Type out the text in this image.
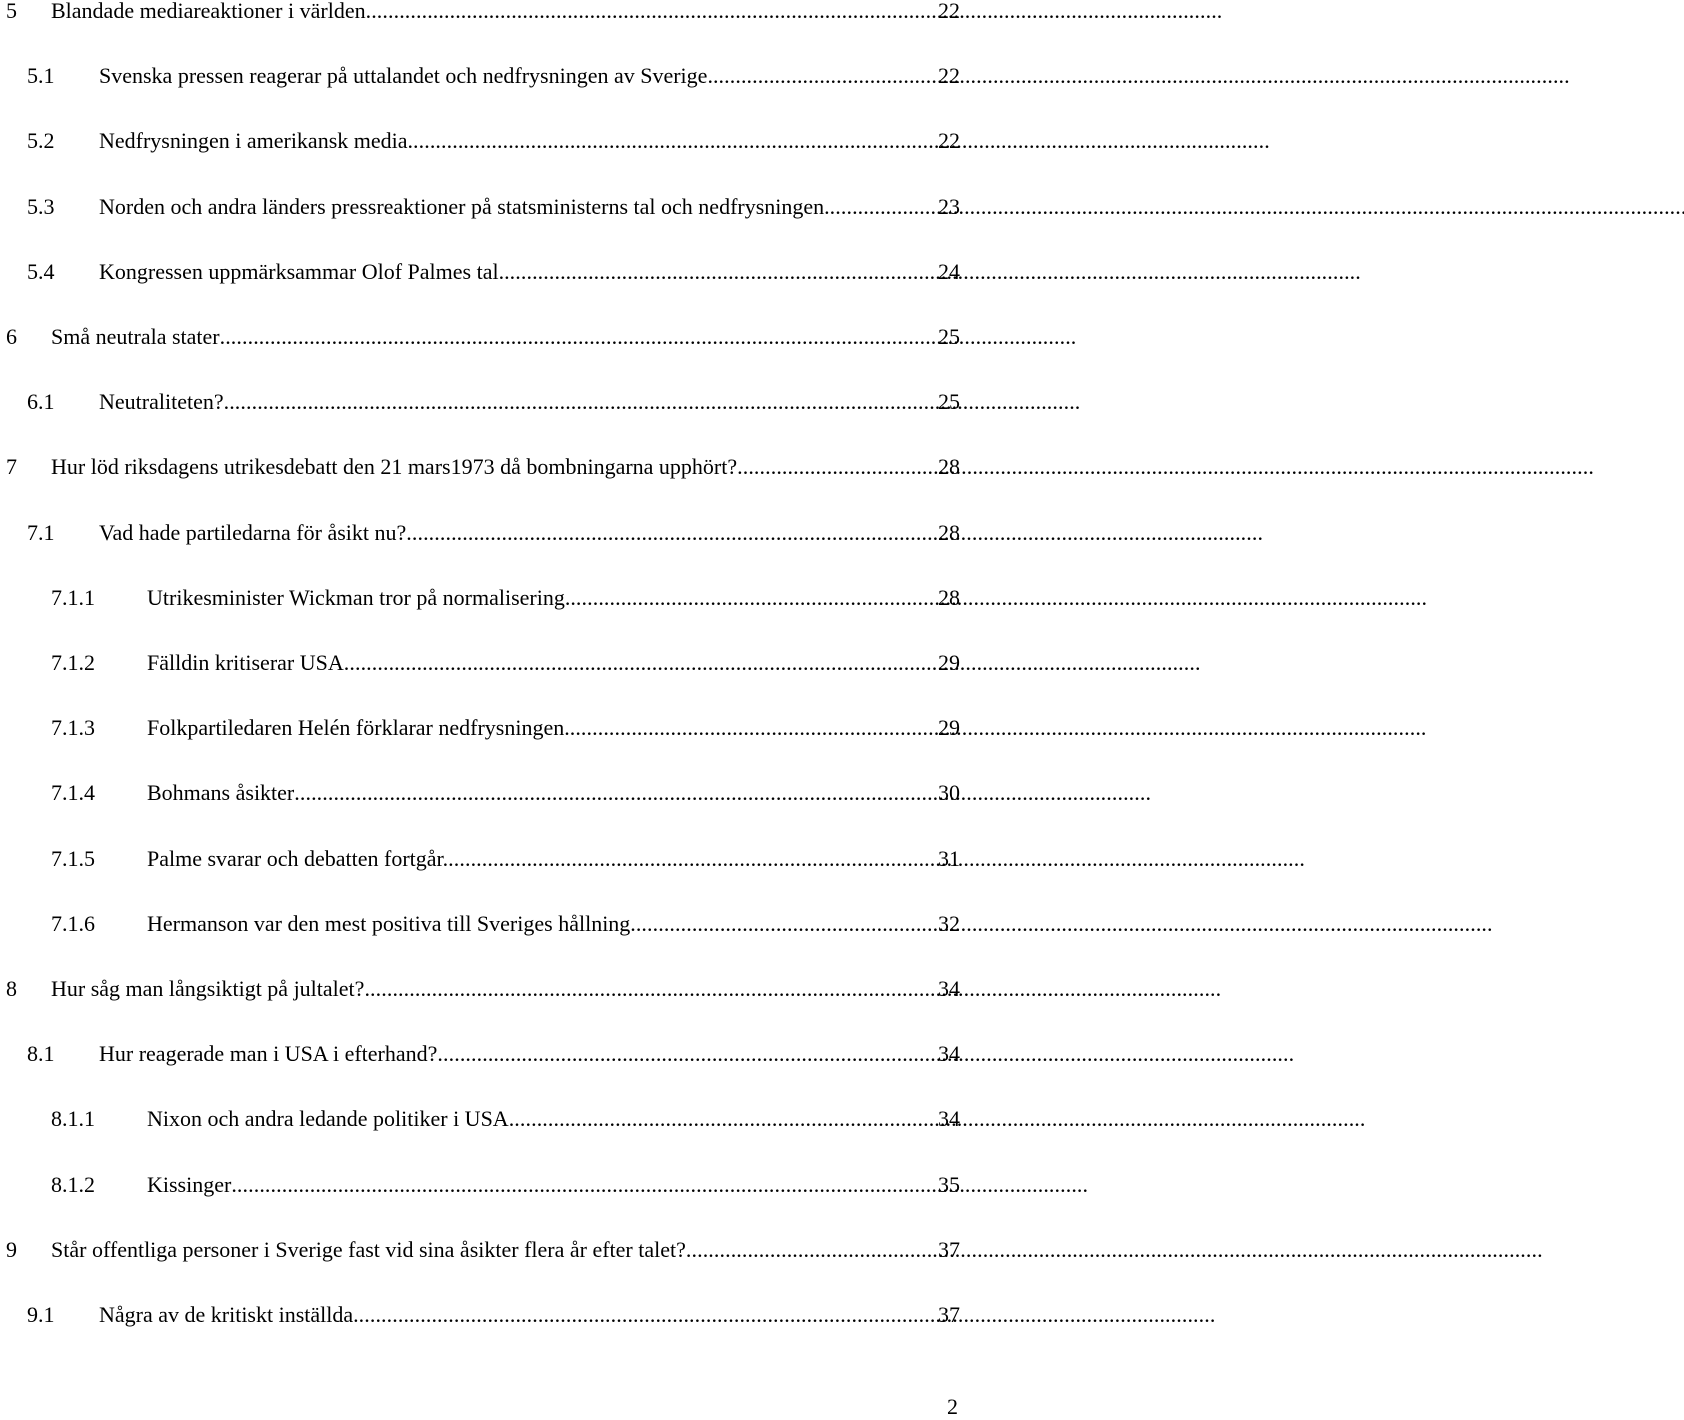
5	Blandade mediareaktioner i världen . . .	22
5.1	Svenska pressen reagerar på uttalandet och nedfrysningen av Sverige. . . .	22
5.2	Nedfrysningen i amerikansk media. . . .	22
5.3	Norden och andra länders pressreaktioner på statsministerns tal och nedfrysningen. . . .	23
5.4	Kongressen uppmärksammar Olof Palmes tal. . . .	24
6	Små neutrala stater . . .	25
6.1	Neutraliteten? . . .	25
7	Hur löd riksdagens utrikesdebatt den 21 mars1973 då bombningarna upphört? . . .	28
7.1	Vad hade partiledarna för åsikt nu? . . .	28
7.1.1	Utrikesminister Wickman tror på normalisering. . . .	28
7.1.2	Fälldin kritiserar USA . . .	29
7.1.3	Folkpartiledaren Helén förklarar nedfrysningen. . . .	29
7.1.4	Bohmans åsikter . . .	30
7.1.5	Palme svarar och debatten fortgår. . . .	31
7.1.6	Hermanson var den mest positiva till Sveriges hållning. . . .	32
8	Hur såg man långsiktigt på jultalet? . . .	34
8.1	Hur reagerade man i USA i efterhand? . . .	34
8.1.1	Nixon och andra ledande politiker i USA . . .	34
8.1.2	Kissinger . . .	35
9	Står offentliga personer i Sverige fast vid sina åsikter flera år efter talet? . . .	37
9.1	Några av de kritiskt inställda. . . .	37
2
